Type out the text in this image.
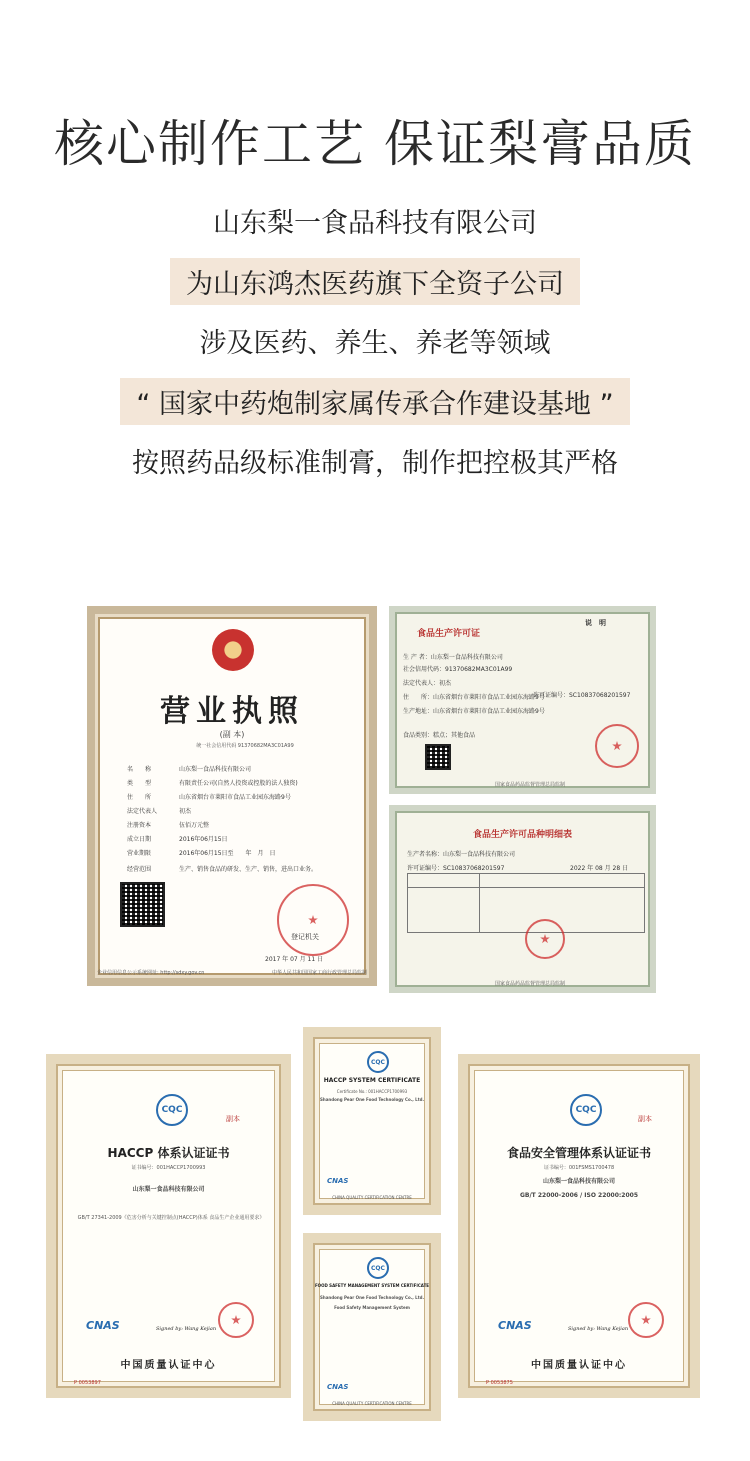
核心制作工艺 保证梨膏品质
山东梨一食品科技有限公司
为山东鸿杰医药旗下全资子公司
涉及医药、养生、养老等领域
“ 国家中药炮制家属传承合作建设基地 ”
按照药品级标准制膏，制作把控极其严格
营业执照
(副 本)
统一社会信用代码 91370682MA3C01A99
名　　称	山东梨一食品科技有限公司
类　　型	有限责任公司(自然人投资或控股的法人独资)
住　　所	山东省烟台市莱阳市食品工业园东海路9号
法定代表人	初杰
注册资本	伍佰万元整
成立日期	2016年06月15日
营业期限	2016年06月15日至　　年　月　日
经营范围	生产、销售食品的研发、生产、销售，进出口业务。
登记机关
2017 年 07 月 11 日
企业信用信息公示系统网址: http://sdxy.gov.cn	中华人民共和国国家工商行政管理总局监制
食品生产许可证
说　明
生 产 者：山东梨一食品科技有限公司
社会信用代码：91370682MA3C01A99
法定代表人：初杰
住　　所：山东省烟台市莱阳市食品工业园东海路9号
生产地址：山东省烟台市莱阳市食品工业园东海路9号
食品类别：糕点；其他食品
许可证编号：SC10837068201597
国家食品药品监督管理总局监制
食品生产许可品种明细表
生产者名称：山东梨一食品科技有限公司
许可证编号：SC10837068201597	2022 年 08 月 28 日
国家食品药品监督管理总局监制
CQC
副本
HACCP 体系认证证书
证书编号：001HACCP1700993
山东梨一食品科技有限公司
GB/T 27341-2009《危害分析与关键控制点(HACCP)体系 食品生产企业通用要求》
CNAS	Signed by: Wang Kejian
中国质量认证中心
P 0053897
CQC
HACCP SYSTEM CERTIFICATE
Certificate No.: 001HACCP1700993
Shandong Pear One Food Technology Co., Ltd.
CNAS
CHINA QUALITY CERTIFICATION CENTRE
CQC
FOOD SAFETY MANAGEMENT SYSTEM CERTIFICATE
Shandong Pear One Food Technology Co., Ltd.
Food Safety Management System
CNAS
CHINA QUALITY CERTIFICATION CENTRE
CQC
副本
食品安全管理体系认证证书
证书编号：001FSMS1700478
山东梨一食品科技有限公司
GB/T 22000-2006 / ISO 22000:2005
CNAS	Signed by: Wang Kejian
中国质量认证中心
P 0053875
